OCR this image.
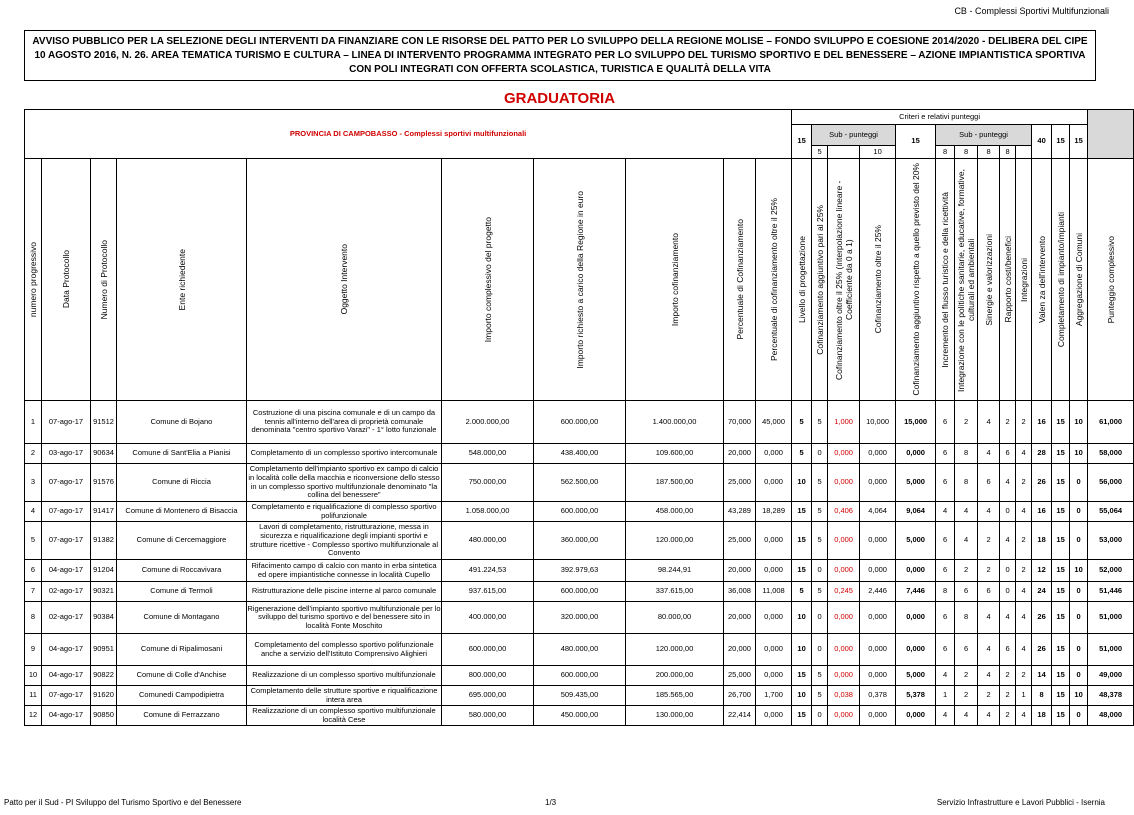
CB - Complessi Sportivi Multifunzionali
AVVISO PUBBLICO PER LA SELEZIONE DEGLI INTERVENTI DA FINANZIARE CON LE RISORSE DEL PATTO PER LO SVILUPPO DELLA REGIONE MOLISE – FONDO SVILUPPO E COESIONE 2014/2020 - DELIBERA DEL CIPE 10 AGOSTO 2016, N. 26. AREA TEMATICA TURISMO E CULTURA – LINEA DI INTERVENTO PROGRAMMA INTEGRATO PER LO SVILUPPO DEL TURISMO SPORTIVO E DEL BENESSERE – AZIONE IMPIANTISTICA SPORTIVA CON POLI INTEGRATI CON OFFERTA SCOLASTICA, TURISTICA E QUALITÀ DELLA VITA
GRADUATORIA
PROVINCIA DI CAMPOBASSO - Complessi sportivi multifunzionali										Criteri e relativi punteggi													
										15	Sub - punteggi			15	Sub - punteggi					40	15	15	
											5		10		8	8	8	8					

numero progressivo	Data Protocollo	Numero di Protocollo	Ente richiedente	Oggetto Intervento	Importo complessivo del progetto	Importo richiesto a carico della Regione in euro	Importo cofinanziamento	Percentuale di Cofinanziamento	Percentuale di cofinanziamento oltre il 25%	Livello di progettazione	Cofinanziamento aggiuntivo pari al 25%	Cofinanziamento oltre il 25% (interpolazione lineare - Coefficiente da 0 a 1)	Cofinanziamento oltre il 25%	Cofinanziamento aggiuntivo rispetto a quello previsto del 20%	Incremento del flusso turistico e della ricettività	Integrazione con le politiche sanitarie, educative, formative, culturali ed ambientali	Sinergie e valorizzazioni	Rapporto costi/benefici	Integrazioni	Valen za dell'intervento	Completamento di impianto/impianti	Aggregazione di Comuni	Punteggio complessivo

1	07-ago-17	91512	Comune di Bojano	Costruzione di una piscina comunale e di un campo da tennis all'interno dell'area di proprietà comunale denominata "centro sportivo Varazi" - 1° lotto funzionale	2.000.000,00	600.000,00	1.400.000,00	70,000	45,000	5	5	1,000	10,000	15,000	6	2	4	2	2	16	15	10	61,000
2	03-ago-17	90634	Comune di Sant'Elia a Pianisi	Completamento di un complesso sportivo intercomunale	548.000,00	438.400,00	109.600,00	20,000	0,000	5	0	0,000	0,000	0,000	6	8	4	6	4	28	15	10	58,000
3	07-ago-17	91576	Comune di Riccia	Completamento dell'impianto sportivo ex campo di calcio in località colle della macchia e riconversione dello stesso in un complesso sportivo multifunzionale denominato "la collina del benessere"	750.000,00	562.500,00	187.500,00	25,000	0,000	10	5	0,000	0,000	5,000	6	8	6	4	2	26	15	0	56,000
4	07-ago-17	91417	Comune di Montenero di Bisaccia	Completamento e riqualificazione di complesso sportivo polifunzionale	1.058.000,00	600.000,00	458.000,00	43,289	18,289	15	5	0,406	4,064	9,064	4	4	4	0	4	16	15	0	55,064
5	07-ago-17	91382	Comune di Cercemaggiore	Lavori di completamento, ristrutturazione, messa in sicurezza e riqualificazione degli impianti sportivi e strutture ricettive - Complesso sportivo multifunzionale al Convento	480.000,00	360.000,00	120.000,00	25,000	0,000	15	5	0,000	0,000	5,000	6	4	2	4	2	18	15	0	53,000
6	04-ago-17	91204	Comune di Roccavivara	Rifacimento campo di calcio con manto in erba sintetica ed opere impiantistiche connesse in località Cupello	491.224,53	392.979,63	98.244,91	20,000	0,000	15	0	0,000	0,000	0,000	6	2	2	0	2	12	15	10	52,000
7	02-ago-17	90321	Comune di Termoli	Ristrutturazione delle piscine interne al parco comunale	937.615,00	600.000,00	337.615,00	36,008	11,008	5	5	0,245	2,446	7,446	8	6	6	0	4	24	15	0	51,446
8	02-ago-17	90384	Comune di Montagano	Rigenerazione dell'impianto sportivo multifunzionale per lo sviluppo del turismo sportivo e del benessere sito in località Fonte Moschito	400.000,00	320.000,00	80.000,00	20,000	0,000	10	0	0,000	0,000	0,000	6	8	4	4	4	26	15	0	51,000
9	04-ago-17	90951	Comune di Ripalimosani	Completamento del complesso sportivo polifunzionale anche a servizio dell'Istituto Comprensivo Alighieri	600.000,00	480.000,00	120.000,00	20,000	0,000	10	0	0,000	0,000	0,000	6	6	4	6	4	26	15	0	51,000
10	04-ago-17	90822	Comune di Colle d'Anchise	Realizzazione di un complesso sportivo multifunzionale	800.000,00	600.000,00	200.000,00	25,000	0,000	15	5	0,000	0,000	5,000	4	2	4	2	2	14	15	0	49,000
11	07-ago-17	91620	Comunedi Campodipietra	Completamento delle strutture sportive e riqualificazione intera area	695.000,00	509.435,00	185.565,00	26,700	1,700	10	5	0,038	0,378	5,378	1	2	2	2	1	8	15	10	48,378
12	04-ago-17	90850	Comune di Ferrazzano	Realizzazione di un complesso sportivo multifunzionale località Cese	580.000,00	450.000,00	130.000,00	22,414	0,000	15	0	0,000	0,000	0,000	4	4	4	2	4	18	15	0	48,000
Patto per il Sud - PI Sviluppo del Turismo Sportivo e del Benessere	1/3	Servizio Infrastrutture e Lavori Pubblici - Isernia
